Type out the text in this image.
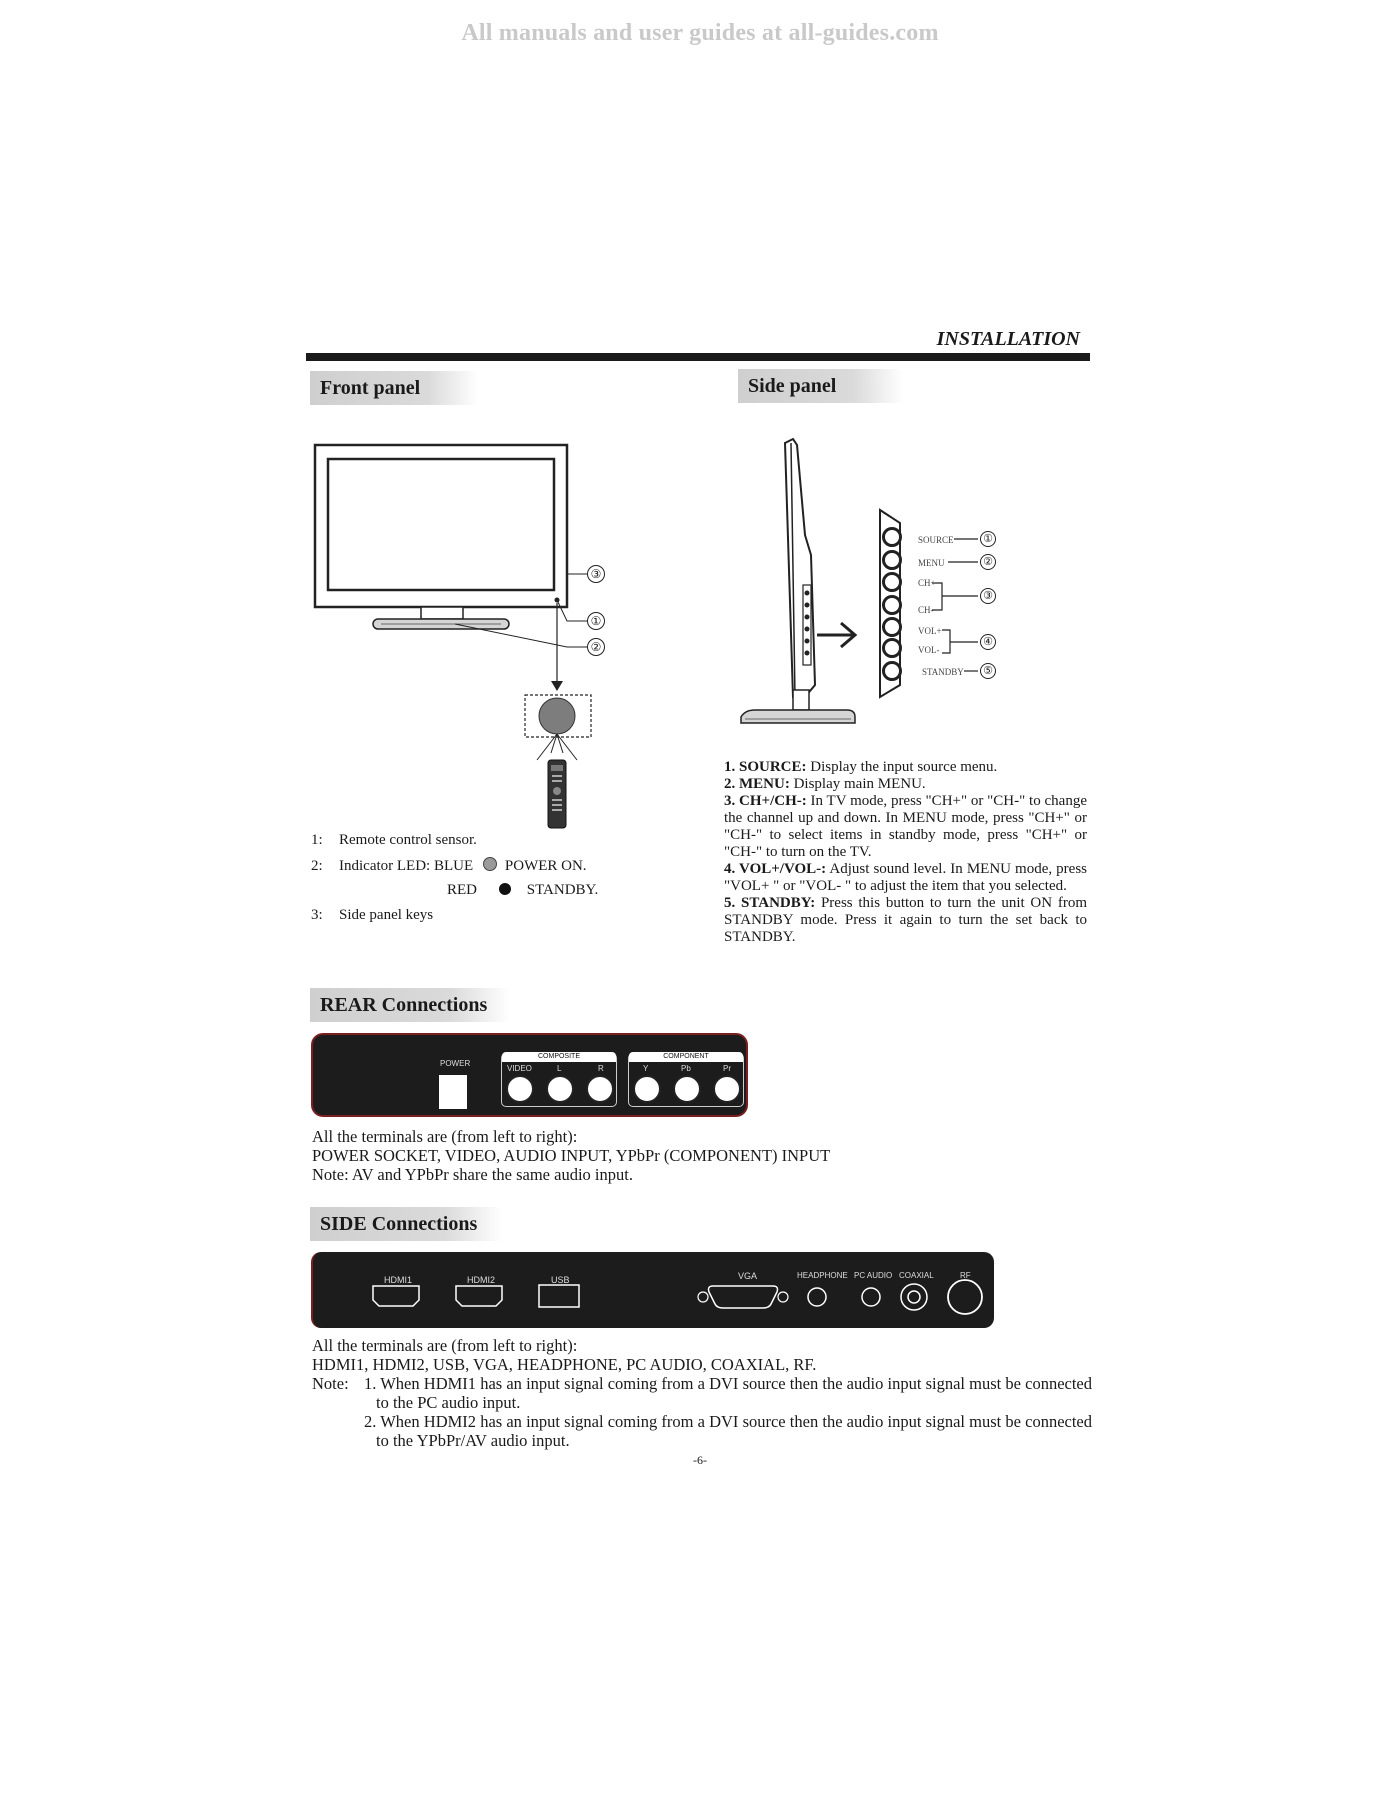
All manuals and user guides at all-guides.com
INSTALLATION
Front panel
③
①
②
1: Remote control sensor.
2: Indicator LED: BLUE POWER ON.
RED	STANDBY.
3: Side panel keys
Side panel
SOURCE
MENU
CH+
CH-
VOL+
VOL-
STANDBY
①
②
③
④
⑤
1. SOURCE: Display the input source menu.
2. MENU: Display main MENU.
3. CH+/CH-: In TV mode, press "CH+" or "CH-" to change the channel up and down. In MENU mode, press "CH+" or "CH-" to select items in standby mode, press "CH+" or "CH-" to turn on the TV.
4. VOL+/VOL-: Adjust sound level. In MENU mode, press "VOL+ " or "VOL- " to adjust the item that you selected.
5. STANDBY: Press this button to turn the unit ON from STANDBY mode. Press it again to turn the set back to STANDBY.
REAR Connections
POWER
COMPOSITE
VIDEO	L	R
COMPONENT
Y	Pb	Pr
All the terminals are (from left to right):
POWER SOCKET, VIDEO, AUDIO INPUT, YPbPr (COMPONENT) INPUT
Note: AV and YPbPr share the same audio input.
SIDE Connections
HDMI1	HDMI2	USB	VGA	HEADPHONE PC AUDIO COAXIAL	RF
All the terminals are (from left to right):
HDMI1, HDMI2, USB, VGA, HEADPHONE, PC AUDIO, COAXIAL, RF.
Note: 1. When HDMI1 has an input signal coming from a DVI source then the audio input signal must be connected to the PC audio input.
2. When HDMI2 has an input signal coming from a DVI source then the audio input signal must be connected to the YPbPr/AV audio input.
-6-
